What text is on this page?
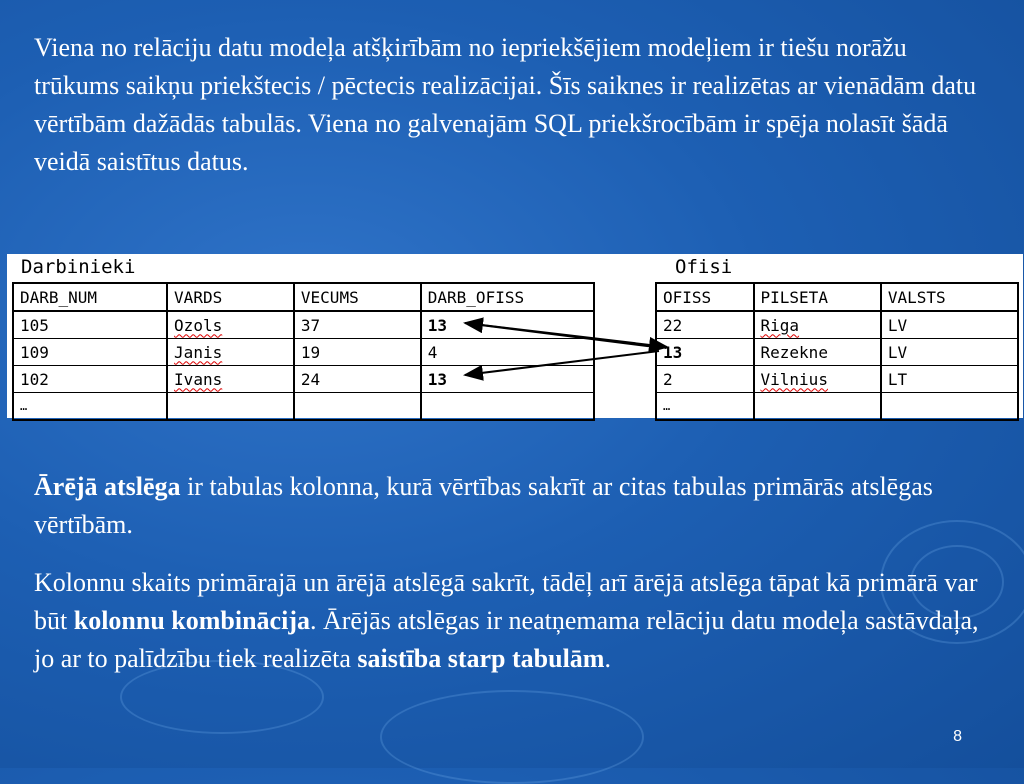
Viena no relāciju datu modeļa atšķirībām no iepriekšējiem modeļiem ir tiešu norāžu trūkums saikņu priekštecis / pēctecis realizācijai. Šīs saiknes ir realizētas ar vienādām datu vērtībām dažādās tabulās. Viena no galvenajām SQL priekšrocībām ir spēja nolasīt šādā veidā saistītus datus.

Darbinieki
DARB_NUM	VARDS	VECUMS	DARB_OFISS
105	Ozols	37	13
109	Janis	19	4
102	Ivans	24	13
…			
Ofisi
OFISS	PILSETA	VALSTS
22	Riga	LV
13	Rezekne	LV
2	Vilnius	LT
…		

Ārējā atslēga ir tabulas kolonna, kurā vērtības sakrīt ar citas tabulas primārās atslēgas vērtībām.

Kolonnu skaits primārajā un ārējā atslēgā sakrīt, tādēļ arī ārējā atslēga tāpat kā primārā var būt kolonnu kombinācija. Ārējās atslēgas ir neatņemama relāciju datu modeļa sastāvdaļa, jo ar to palīdzību tiek realizēta saistība starp tabulām.

8
